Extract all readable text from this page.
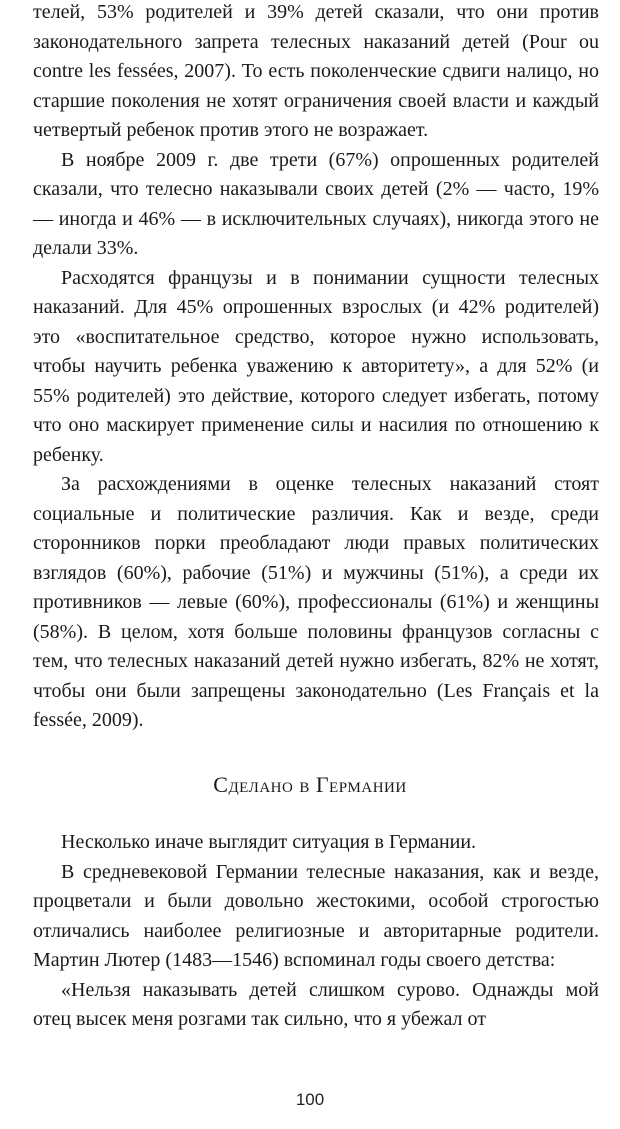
телей, 53% родителей и 39% детей сказали, что они против законодательного запрета телесных наказаний детей (Pour ou contre les fessées, 2007). То есть поколенческие сдвиги налицо, но старшие поколения не хотят ограничения своей власти и каждый четвертый ребенок против этого не возражает.

В ноябре 2009 г. две трети (67%) опрошенных родителей сказали, что телесно наказывали своих детей (2% — часто, 19% — иногда и 46% — в исключительных случаях), никогда этого не делали 33%.

Расходятся французы и в понимании сущности телесных наказаний. Для 45% опрошенных взрослых (и 42% родителей) это «воспитательное средство, которое нужно использовать, чтобы научить ребенка уважению к авторитету», а для 52% (и 55% родителей) это действие, которого следует избегать, потому что оно маскирует применение силы и насилия по отношению к ребенку.

За расхождениями в оценке телесных наказаний стоят социальные и политические различия. Как и везде, среди сторонников порки преобладают люди правых политических взглядов (60%), рабочие (51%) и мужчины (51%), а среди их противников — левые (60%), профессионалы (61%) и женщины (58%). В целом, хотя больше половины французов согласны с тем, что телесных наказаний детей нужно избегать, 82% не хотят, чтобы они были запрещены законодательно (Les Français et la fessée, 2009).

Сделано в Германии

Несколько иначе выглядит ситуация в Германии.

В средневековой Германии телесные наказания, как и везде, процветали и были довольно жестокими, особой строгостью отличались наиболее религиозные и авторитарные родители. Мартин Лютер (1483—1546) вспоминал годы своего детства:

«Нельзя наказывать детей слишком сурово. Однажды мой отец высек меня розгами так сильно, что я убежал от

100
